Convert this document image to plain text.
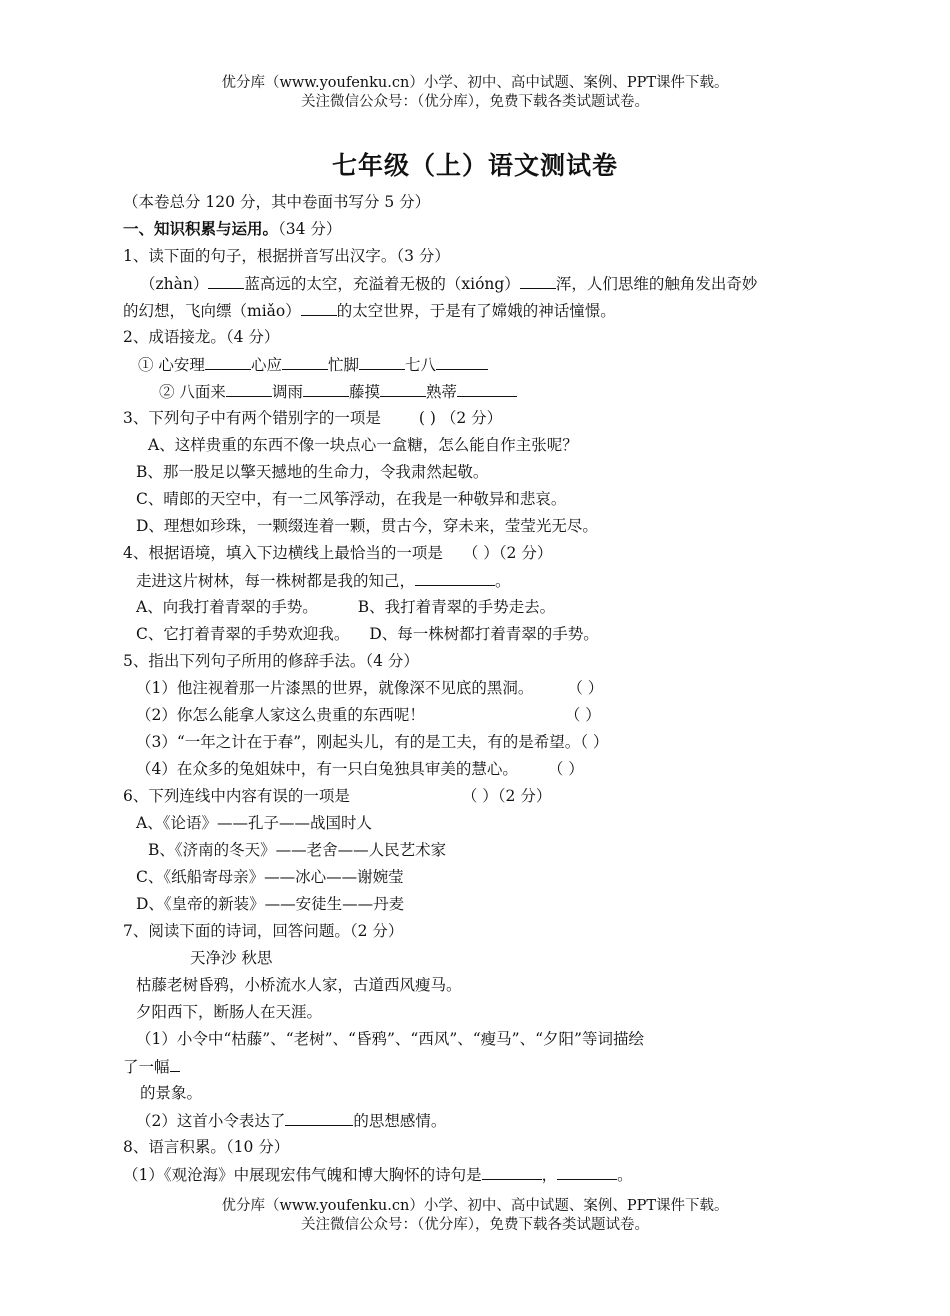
优分库（www.youfenku.cn）小学、初中、高中试题、案例、PPT课件下载。
关注微信公众号：（优分库），免费下载各类试题试卷。
七年级（上）语文测试卷
（本卷总分 120 分，其中卷面书写分 5 分）
一、知识积累与运用。（34 分）
1、读下面的句子，根据拼音写出汉字。（3 分）
（zhàn） 蓝高远的太空，充溢着无极的（xióng） 浑，人们思维的触角发出奇妙
的幻想，飞向缥（miǎo） 的太空世界，于是有了嫦娥的神话憧憬。
2、成语接龙。（4 分）
① 心安理	心应	忙脚	七八
② 八面来	调雨	藤摸	熟蒂
3、下列句子中有两个错别字的一项是 ( ) （2 分）
A、这样贵重的东西不像一块点心一盒糖，怎么能自作主张呢？
B、那一股足以擎天撼地的生命力，令我肃然起敬。
C、晴郎的天空中，有一二风筝浮动，在我是一种敬异和悲哀。
D、理想如珍珠，一颗缀连着一颗，贯古今，穿未来，莹莹光无尽。
4、根据语境，填入下边横线上最恰当的一项是 （ ）（2 分）
走进这片树林，每一株树都是我的知己，	。
A、向我打着青翠的手势。	B、我打着青翠的手势走去。
C、它打着青翠的手势欢迎我。 D、每一株树都打着青翠的手势。
5、指出下列句子所用的修辞手法。（4 分）
（1）他注视着那一片漆黑的世界，就像深不见底的黑洞。 （ ）
（2）你怎么能拿人家这么贵重的东西呢！	（ ）
（3）“一年之计在于春”，刚起头儿，有的是工夫，有的是希望。（ ）
（4）在众多的兔姐妹中，有一只白兔独具审美的慧心。 （ ）
6、下列连线中内容有误的一项是	（ ）（2 分）
A、《论语》——孔子——战国时人
B、《济南的冬天》——老舍——人民艺术家
C、《纸船寄母亲》——冰心——谢婉莹
D、《皇帝的新装》——安徒生——丹麦
7、阅读下面的诗词，回答问题。（2 分）
天净沙 秋思
枯藤老树昏鸦，小桥流水人家，古道西风瘦马。
夕阳西下，断肠人在天涯。
（1）小令中“枯藤”、“老树”、“昏鸦”、“西风”、“瘦马”、“夕阳”等词描绘
了一幅
的景象。
（2）这首小令表达了	的思想感情。
8、语言积累。（10 分）
（1）《观沧海》中展现宏伟气魄和博大胸怀的诗句是	，	。
优分库（www.youfenku.cn）小学、初中、高中试题、案例、PPT课件下载。
关注微信公众号：（优分库），免费下载各类试题试卷。
